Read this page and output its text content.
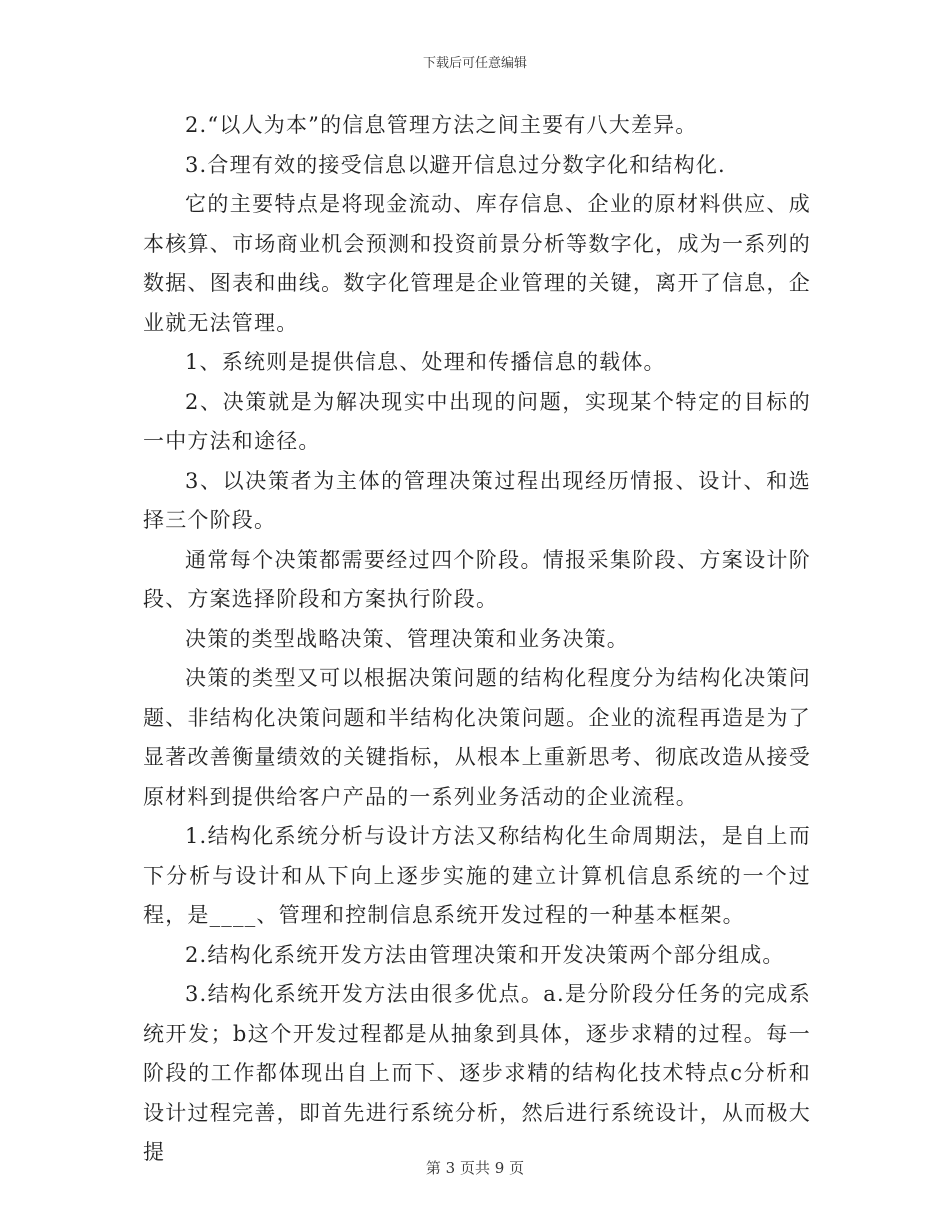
下载后可任意编辑

2.“以人为本”的信息管理方法之间主要有八大差异。

3.合理有效的接受信息以避开信息过分数字化和结构化.

它的主要特点是将现金流动、库存信息、企业的原材料供应、成本核算、市场商业机会预测和投资前景分析等数字化，成为一系列的数据、图表和曲线。数字化管理是企业管理的关键，离开了信息，企业就无法管理。

1、系统则是提供信息、处理和传播信息的载体。

2、决策就是为解决现实中出现的问题，实现某个特定的目标的一中方法和途径。

3、以决策者为主体的管理决策过程出现经历情报、设计、和选择三个阶段。

通常每个决策都需要经过四个阶段。情报采集阶段、方案设计阶段、方案选择阶段和方案执行阶段。

决策的类型战略决策、管理决策和业务决策。

决策的类型又可以根据决策问题的结构化程度分为结构化决策问题、非结构化决策问题和半结构化决策问题。企业的流程再造是为了显著改善衡量绩效的关键指标，从根本上重新思考、彻底改造从接受原材料到提供给客户产品的一系列业务活动的企业流程。

1.结构化系统分析与设计方法又称结构化生命周期法，是自上而下分析与设计和从下向上逐步实施的建立计算机信息系统的一个过程，是____、管理和控制信息系统开发过程的一种基本框架。

2.结构化系统开发方法由管理决策和开发决策两个部分组成。

3.结构化系统开发方法由很多优点。a.是分阶段分任务的完成系统开发；b这个开发过程都是从抽象到具体，逐步求精的过程。每一阶段的工作都体现出自上而下、逐步求精的结构化技术特点c分析和设计过程完善，即首先进行系统分析，然后进行系统设计，从而极大提

第 3 页共 9 页
